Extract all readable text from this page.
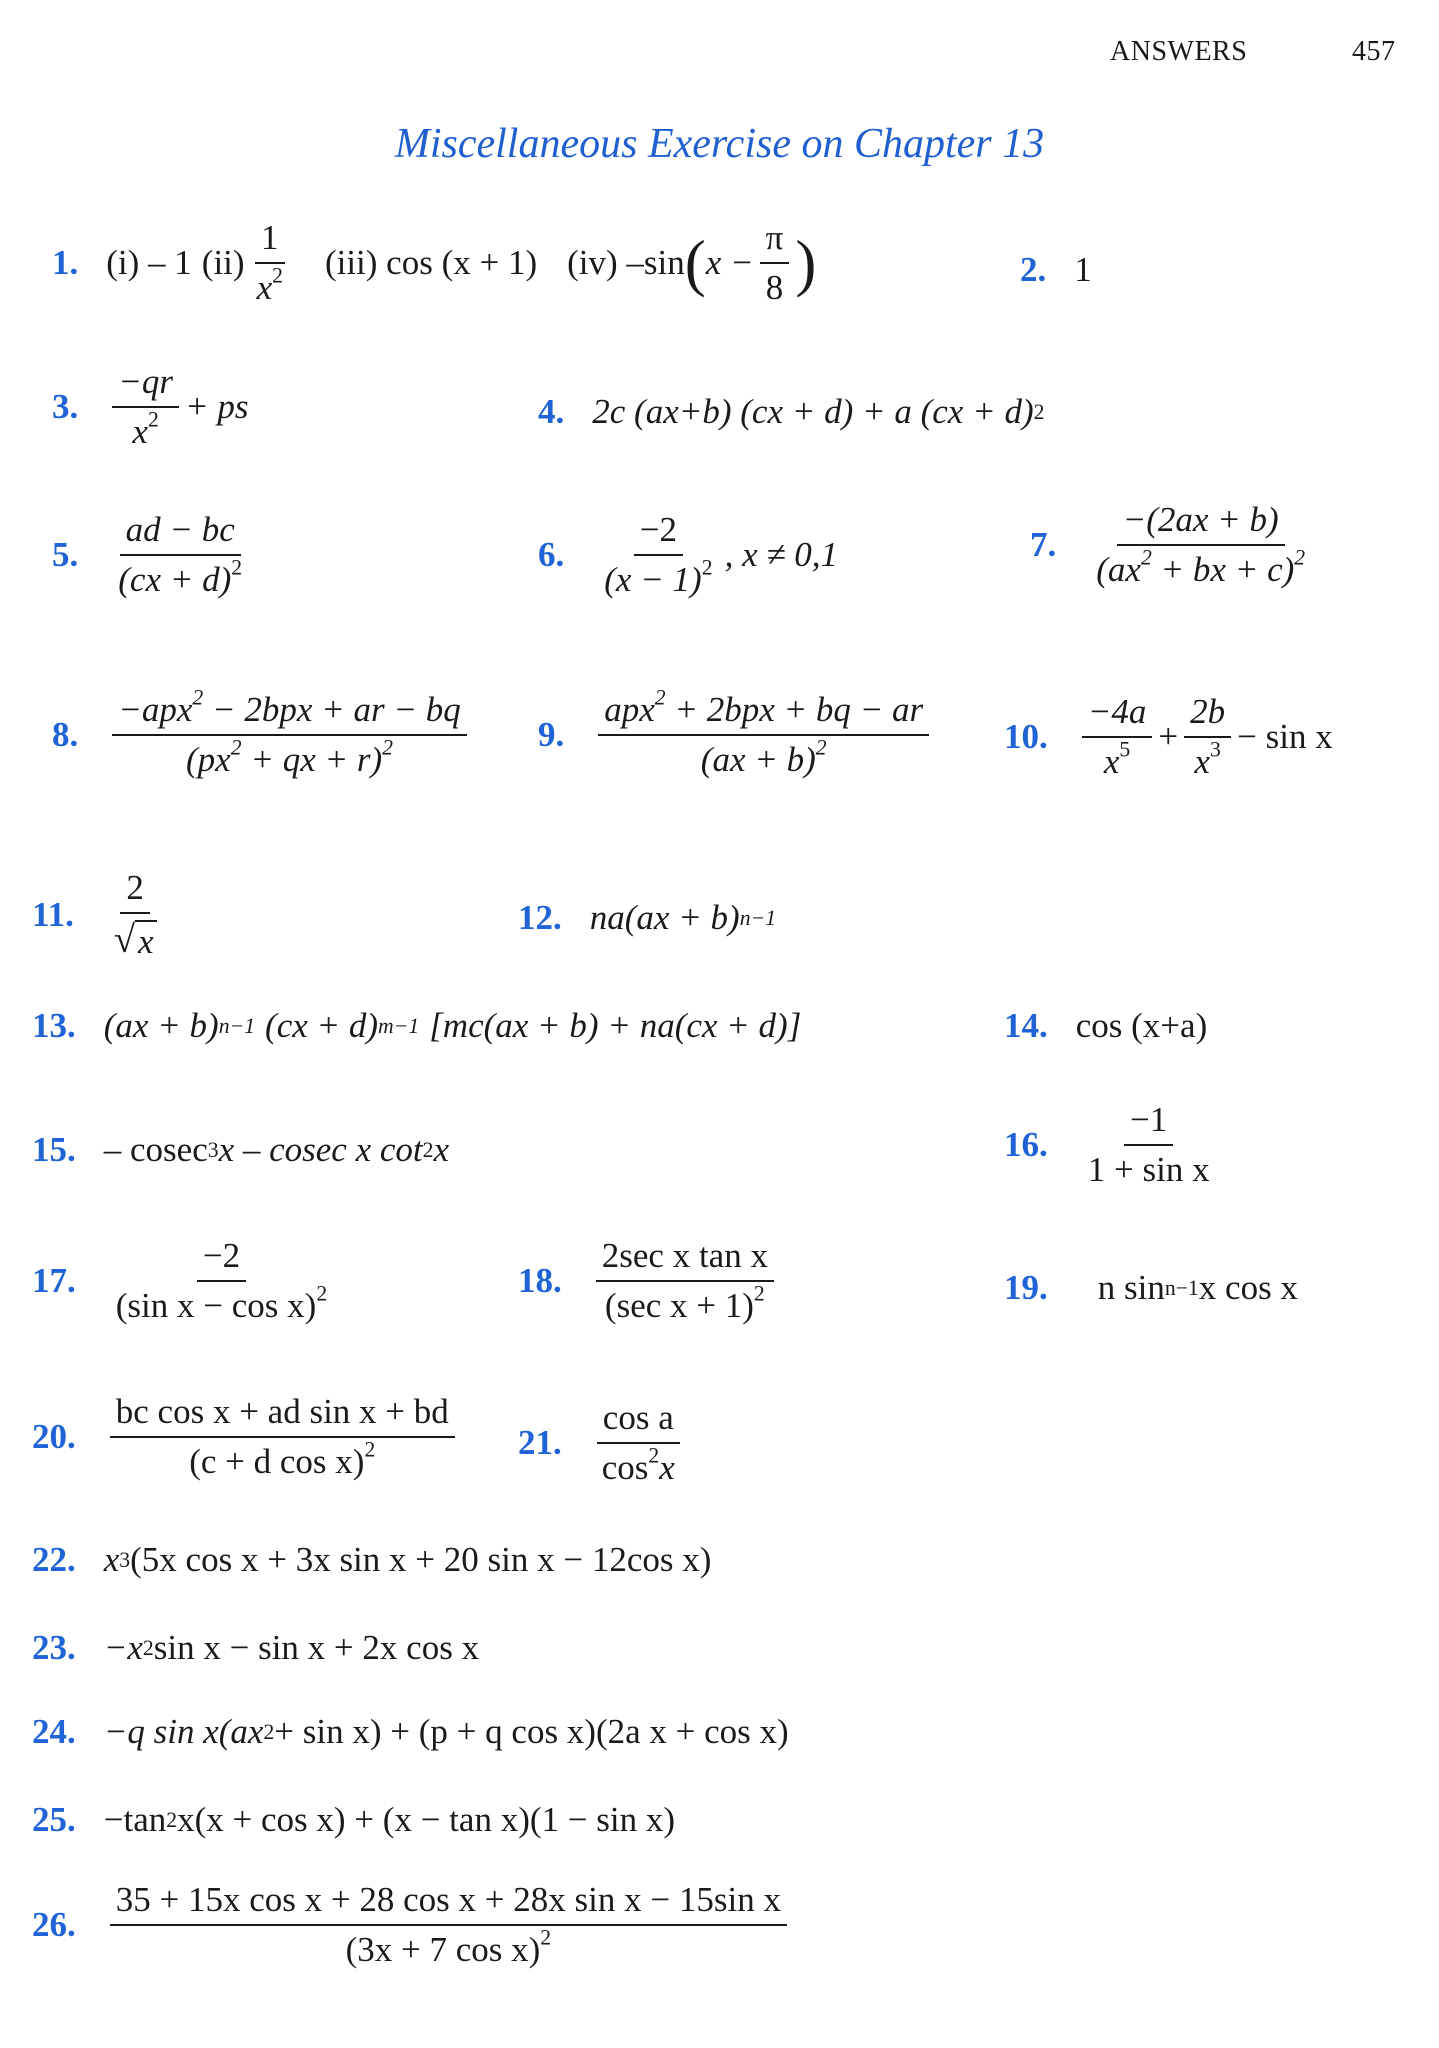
ANSWERS	457
Miscellaneous Exercise on Chapter 13
1. (i) – 1 $(ii) \frac{1}{x^2} (iii)$ cos (x + 1) (iv) –sin ( $x - \frac{\pi}{8}$ )	2. 1
3. $\frac{-qr}{x^2}$ + ps	4. 2c (ax+b) (cx + d) + a (cx + d) 2
5. $\frac{ad - bc}{(cx + d)^2}$	6. $\frac{-2}{(x - 1)^2}$ , x ≠ 0,1	7. $\frac{-(2ax + b)}{(ax^2 + bx + c)^2}$
8. $\frac{-apx^2 - 2bpx + ar - bq}{(px^2 + qx + r)^2} 9$. $\frac{apx^2 + 2bpx + bq - ar}{(ax + b)^2} 10$. $\frac{-4a}{x^5} + \frac{2b}{x^3} - \sin x$
11. $\frac{2}{√ x}$	12. na(ax + b) n−1
13. (ax + b) n−1 (cx + d) m−1 [mc(ax + b) + na(cx + d)]	14. cos (x+a)
15. – cosec 3 x – cosec x cot 2 x	16. $\frac{-1}{\text{1 + sin x}}$
17. $\frac{-2}{(\sin x - \cos x)^2}$	18. $\frac{\text{2sec x tan x}}{(\sec x + 1)^2}$	19. n sin n−1 x cos x
20. $\frac{\text{bc cos x + ad sin x + bd}}{(c + d \cos x)^2} 21$. $\frac{\text{cos a}}{\cos^2x}$
22. x 3 (5x cos x + 3x sin x + 20 sin x − 12cos x)
23. −x 2 sin x − sin x + 2x cos x
24. −q sin x(ax 2 + sin x) + (p + q cos x)(2a x + cos x)
25. −tan 2 x(x + cos x) + (x − tan x)(1 − sin x)
26. $\frac{\text{35 + 15x cos x + 28 cos x + 28x sin x − 15sin x}}{(3x + 7 \cos x)^2}$
